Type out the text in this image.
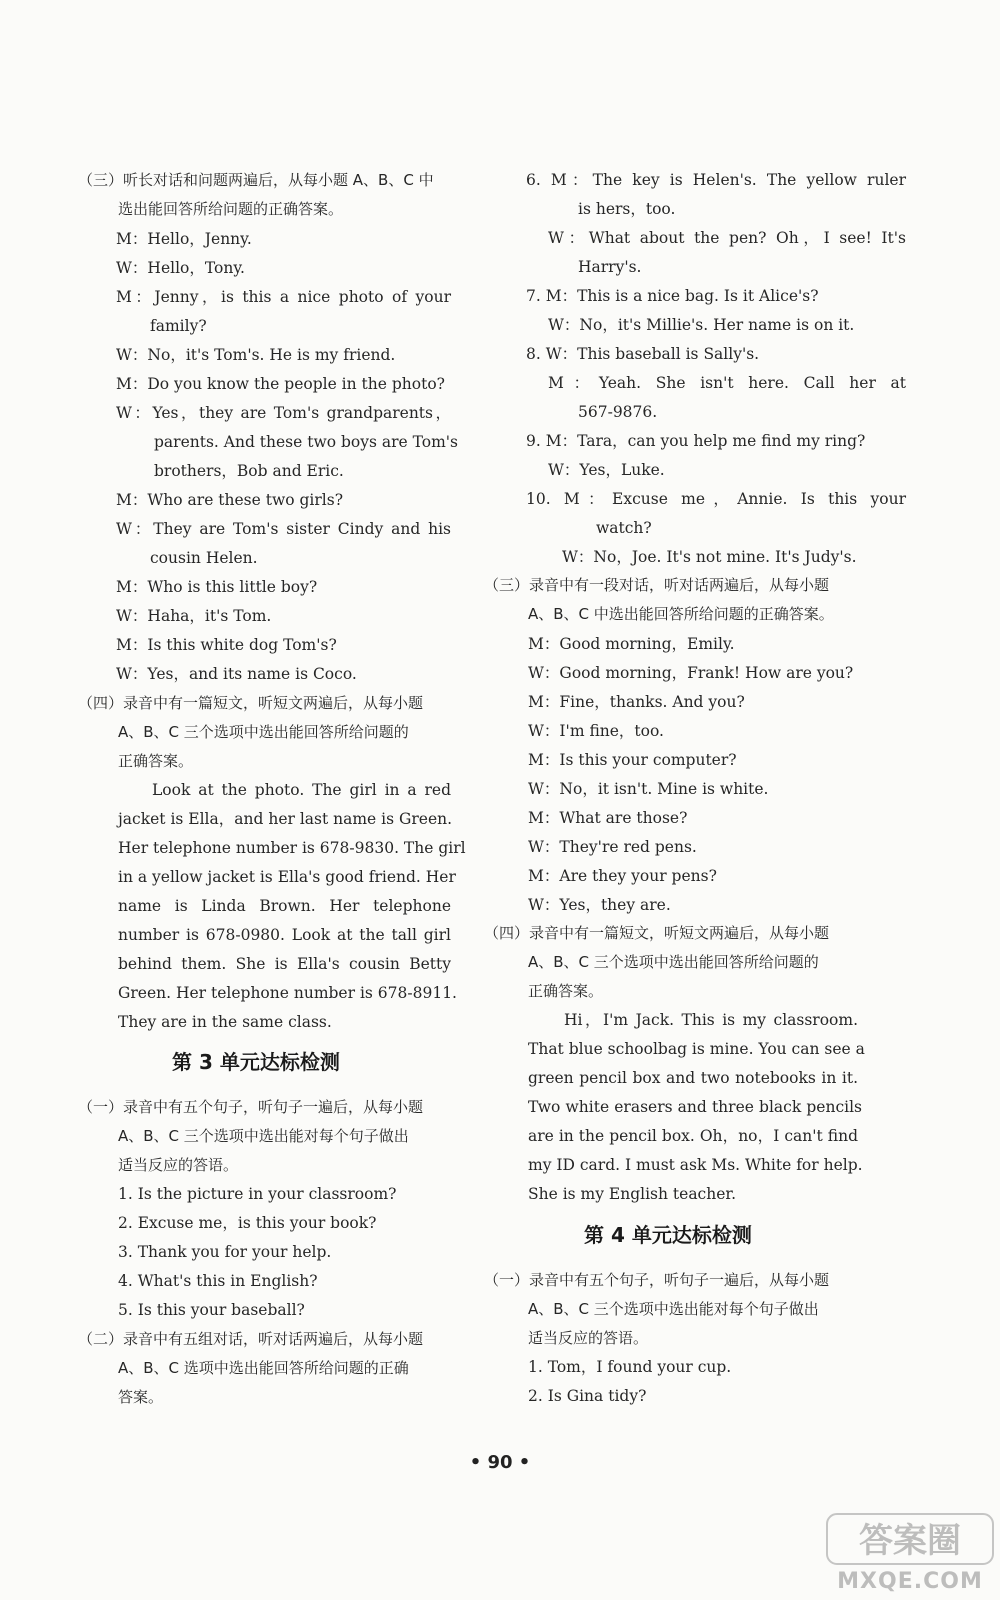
（三）听长对话和问题两遍后，从每小题 A、B、C 中
选出能回答所给问题的正确答案。
M：Hello，Jenny.
W：Hello，Tony.
M：Jenny，is this a nice photo of your
family?
W：No，it's Tom's. He is my friend.
M：Do you know the people in the photo?
W：Yes，they are Tom's grandparents，
parents. And these two boys are Tom's
brothers，Bob and Eric.
M：Who are these two girls?
W：They are Tom's sister Cindy and his
cousin Helen.
M：Who is this little boy?
W：Haha，it's Tom.
M：Is this white dog Tom's?
W：Yes，and its name is Coco.
（四）录音中有一篇短文，听短文两遍后，从每小题
A、B、C 三个选项中选出能回答所给问题的
正确答案。
Look at the photo. The girl in a red
jacket is Ella，and her last name is Green.
Her telephone number is 678-9830. The girl
in a yellow jacket is Ella's good friend. Her
name is Linda Brown. Her telephone
number is 678-0980. Look at the tall girl
behind them. She is Ella's cousin Betty
Green. Her telephone number is 678-8911.
They are in the same class.
第 3 单元达标检测
（一）录音中有五个句子，听句子一遍后，从每小题
A、B、C 三个选项中选出能对每个句子做出
适当反应的答语。
1. Is the picture in your classroom?
2. Excuse me，is this your book?
3. Thank you for your help.
4. What's this in English?
5. Is this your baseball?
（二）录音中有五组对话，听对话两遍后，从每小题
A、B、C 选项中选出能回答所给问题的正确
答案。
6. M：The key is Helen's. The yellow ruler
is hers，too.
W：What about the pen? Oh，I see! It's
Harry's.
7. M：This is a nice bag. Is it Alice's?
W：No，it's Millie's. Her name is on it.
8. W：This baseball is Sally's.
M：Yeah. She isn't here. Call her at
567-9876.
9. M：Tara，can you help me find my ring?
W：Yes，Luke.
10. M：Excuse me，Annie. Is this your
watch?
W：No，Joe. It's not mine. It's Judy's.
（三）录音中有一段对话，听对话两遍后，从每小题
A、B、C 中选出能回答所给问题的正确答案。
M：Good morning，Emily.
W：Good morning，Frank! How are you?
M：Fine，thanks. And you?
W：I'm fine，too.
M：Is this your computer?
W：No，it isn't. Mine is white.
M：What are those?
W：They're red pens.
M：Are they your pens?
W：Yes，they are.
（四）录音中有一篇短文，听短文两遍后，从每小题
A、B、C 三个选项中选出能回答所给问题的
正确答案。
Hi，I'm Jack. This is my classroom.
That blue schoolbag is mine. You can see a
green pencil box and two notebooks in it.
Two white erasers and three black pencils
are in the pencil box. Oh，no，I can't find
my ID card. I must ask Ms. White for help.
She is my English teacher.
第 4 单元达标检测
（一）录音中有五个句子，听句子一遍后，从每小题
A、B、C 三个选项中选出能对每个句子做出
适当反应的答语。
1. Tom，I found your cup.
2. Is Gina tidy?
• 90 •
答案圈
MXQE.COM
